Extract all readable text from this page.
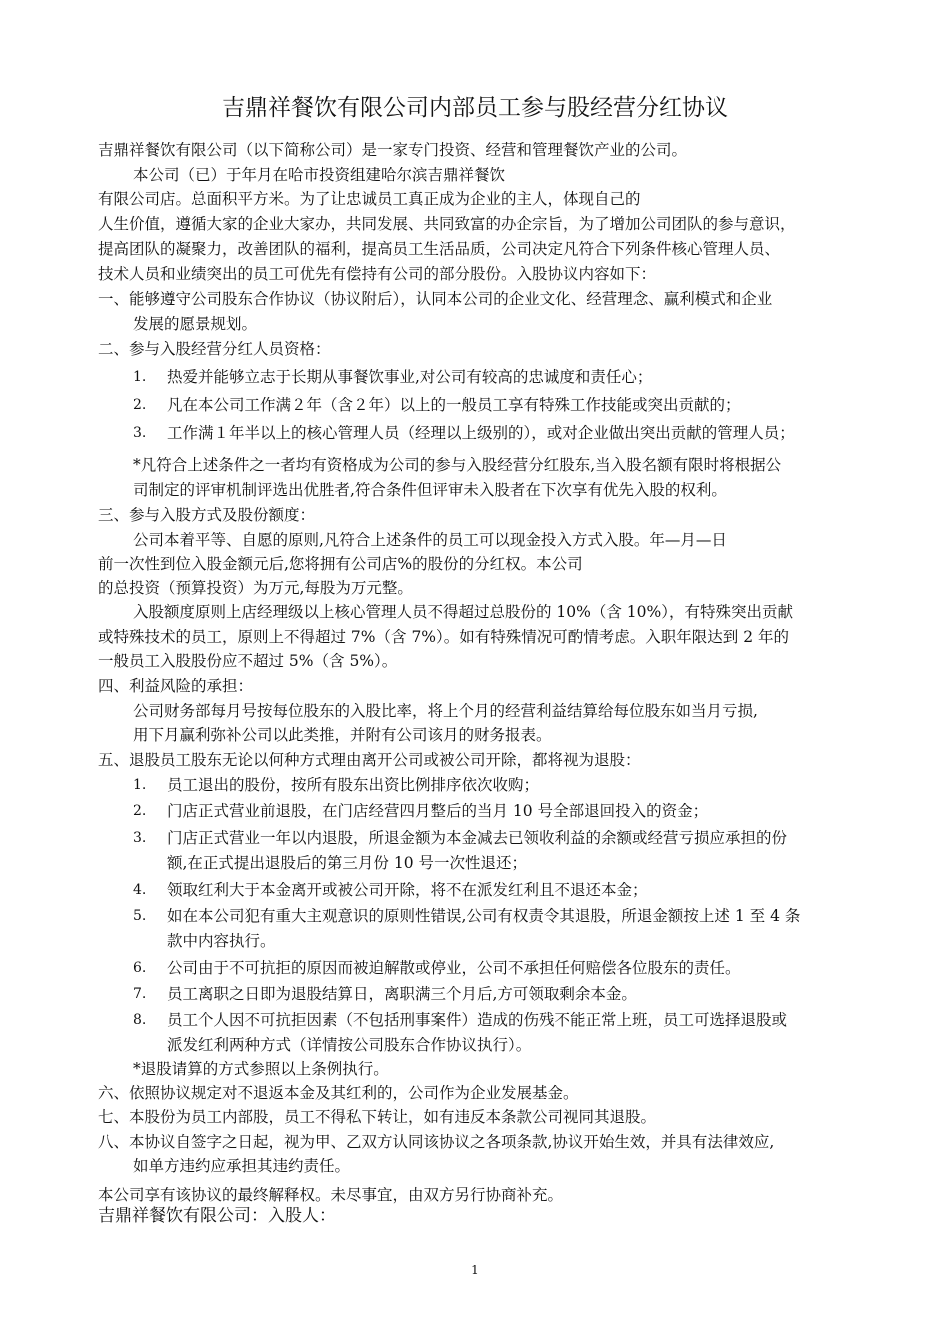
吉鼎祥餐饮有限公司内部员工参与股经营分红协议
吉鼎祥餐饮有限公司（以下简称公司）是一家专门投资、经营和管理餐饮产业的公司。
本公司（已）于年月在哈市投资组建哈尔滨吉鼎祥餐饮
有限公司店。总面积平方米。为了让忠诚员工真正成为企业的主人，体现自己的
人生价值，遵循大家的企业大家办，共同发展、共同致富的办企宗旨，为了增加公司团队的参与意识，
提高团队的凝聚力，改善团队的福利，提高员工生活品质，公司决定凡符合下列条件核心管理人员、
技术人员和业绩突出的员工可优先有偿持有公司的部分股份。入股协议内容如下：
一、能够遵守公司股东合作协议（协议附后），认同本公司的企业文化、经营理念、赢利模式和企业
发展的愿景规划。
二、参与入股经营分红人员资格：
1. 热爱并能够立志于长期从事餐饮事业,对公司有较高的忠诚度和责任心；
2. 凡在本公司工作满２年（含２年）以上的一般员工享有特殊工作技能或突出贡献的；
3. 工作满１年半以上的核心管理人员（经理以上级别的），或对企业做出突出贡献的管理人员；
*凡符合上述条件之一者均有资格成为公司的参与入股经营分红股东,当入股名额有限时将根据公
司制定的评审机制评选出优胜者,符合条件但评审未入股者在下次享有优先入股的权利。
三、参与入股方式及股份额度：
公司本着平等、自愿的原则,凡符合上述条件的员工可以现金投入方式入股。年—月—日
前一次性到位入股金额元后,您将拥有公司店%的股份的分红权。本公司
的总投资（预算投资）为万元,每股为万元整。
入股额度原则上店经理级以上核心管理人员不得超过总股份的 10%（含 10%），有特殊突出贡献
或特殊技术的员工，原则上不得超过 7%（含 7%）。如有特殊情况可酌情考虑。入职年限达到 2 年的
一般员工入股股份应不超过 5%（含 5%）。
四、利益风险的承担：
公司财务部每月号按每位股东的入股比率，将上个月的经营利益结算给每位股东如当月亏损,
用下月赢利弥补公司以此类推，并附有公司该月的财务报表。
五、退股员工股东无论以何种方式理由离开公司或被公司开除，都将视为退股：
1. 员工退出的股份，按所有股东出资比例排序依次收购；
2. 门店正式营业前退股，在门店经营四月整后的当月 10 号全部退回投入的资金；
3. 门店正式营业一年以内退股，所退金额为本金减去已领收利益的余额或经营亏损应承担的份
额,在正式提出退股后的第三月份 10 号一次性退还；
4. 领取红利大于本金离开或被公司开除，将不在派发红利且不退还本金；
5. 如在本公司犯有重大主观意识的原则性错误,公司有权责令其退股，所退金额按上述 1 至 4 条
款中内容执行。
6. 公司由于不可抗拒的原因而被迫解散或停业，公司不承担任何赔偿各位股东的责任。
7. 员工离职之日即为退股结算日，离职满三个月后,方可领取剩余本金。
8. 员工个人因不可抗拒因素（不包括刑事案件）造成的伤残不能正常上班，员工可选择退股或
派发红利两种方式（详情按公司股东合作协议执行）。
*退股请算的方式参照以上条例执行。
六、依照协议规定对不退返本金及其红利的，公司作为企业发展基金。
七、本股份为员工内部股，员工不得私下转让，如有违反本条款公司视同其退股。
八、本协议自签字之日起，视为甲、乙双方认同该协议之各项条款,协议开始生效，并具有法律效应,
如单方违约应承担其违约责任。
本公司享有该协议的最终解释权。未尽事宜，由双方另行协商补充。
吉鼎祥餐饮有限公司：入股人：
1
